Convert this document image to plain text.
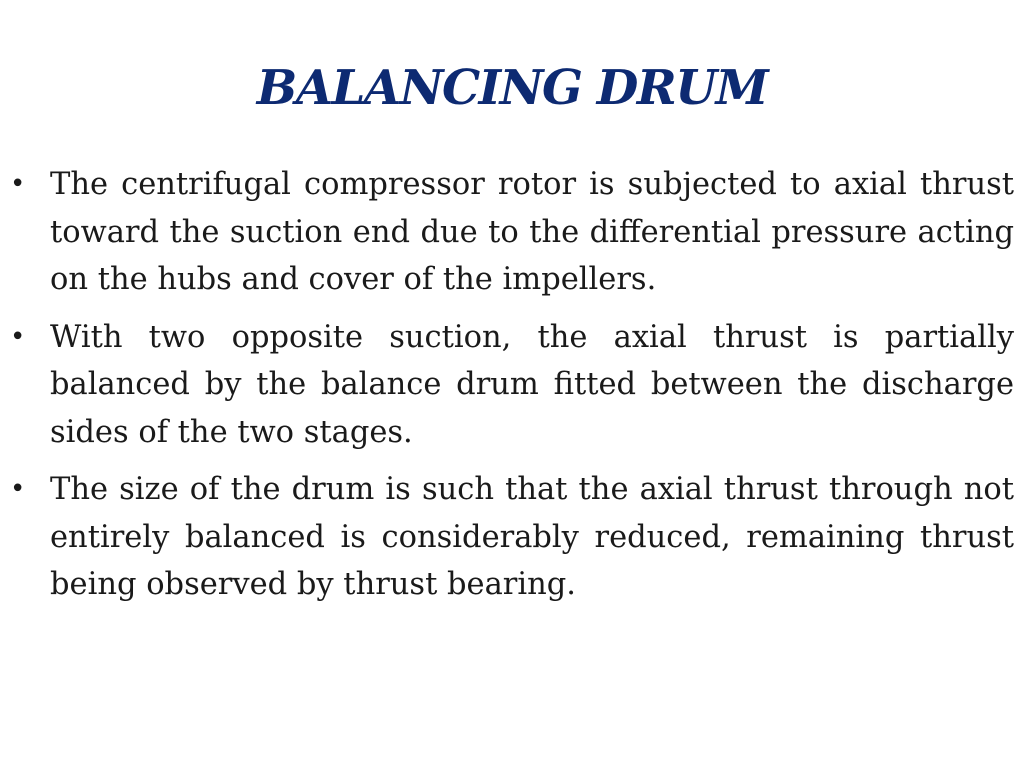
BALANCING DRUM
• The centrifugal compressor rotor is subjected to axial thrust toward the suction end due to the differential pressure acting on the hubs and cover of the impellers.
• With two opposite suction, the axial thrust is partially balanced by the balance drum fitted between the discharge sides of the two stages.
• The size of the drum is such that the axial thrust through not entirely balanced is considerably reduced, remaining thrust being observed by thrust bearing.
